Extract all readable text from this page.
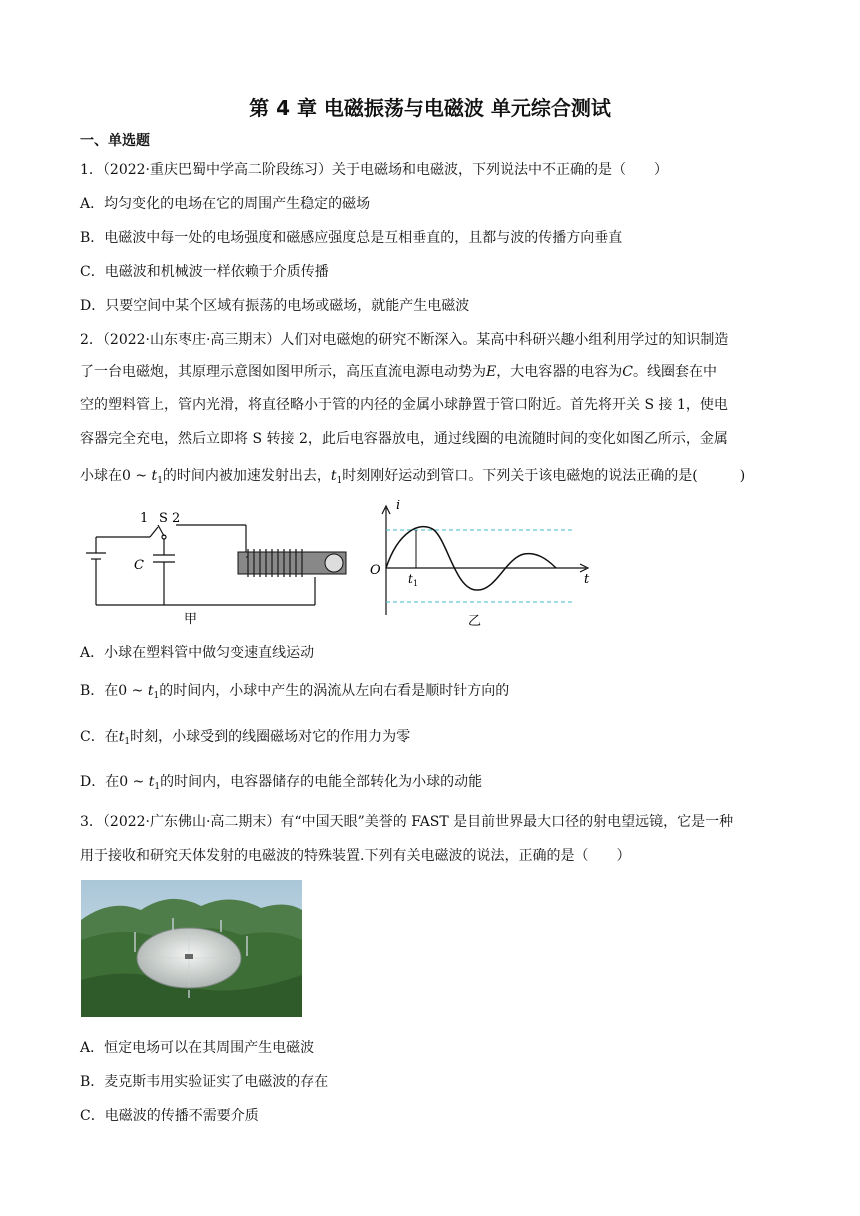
第 4 章 电磁振荡与电磁波 单元综合测试
一、单选题
1．（2022·重庆巴蜀中学高二阶段练习）关于电磁场和电磁波，下列说法中不正确的是（　　）
A．均匀变化的电场在它的周围产生稳定的磁场
B．电磁波中每一处的电场强度和磁感应强度总是互相垂直的，且都与波的传播方向垂直
C．电磁波和机械波一样依赖于介质传播
D．只要空间中某个区域有振荡的电场或磁场，就能产生电磁波
2．（2022·山东枣庄·高三期末）人们对电磁炮的研究不断深入。某高中科研兴趣小组利用学过的知识制造
了一台电磁炮，其原理示意图如图甲所示，高压直流电源电动势为E，大电容器的电容为C。线圈套在中
空的塑料管上，管内光滑，将直径略小于管的内径的金属小球静置于管口附近。首先将开关 S 接 1，使电
容器完全充电，然后立即将 S 转接 2，此后电容器放电，通过线圈的电流随时间的变化如图乙所示，金属
小球在0 ~ $t_1$的时间内被加速发射出去，$t_1$时刻刚好运动到管口。下列关于该电磁炮的说法正确的是(　　　)
1 S 2
C
甲
i
O
t 1	t
乙
A．小球在塑料管中做匀变速直线运动
B．在0 ~ $t_1$的时间内，小球中产生的涡流从左向右看是顺时针方向的
C．在$t_1$时刻，小球受到的线圈磁场对它的作用力为零
D．在0 ~ $t_1$的时间内，电容器储存的电能全部转化为小球的动能
3．（2022·广东佛山·高二期末）有“中国天眼”美誉的 FAST 是目前世界最大口径的射电望远镜，它是一种
用于接收和研究天体发射的电磁波的特殊装置.下列有关电磁波的说法，正确的是（　　）
A．恒定电场可以在其周围产生电磁波
B．麦克斯韦用实验证实了电磁波的存在
C．电磁波的传播不需要介质
